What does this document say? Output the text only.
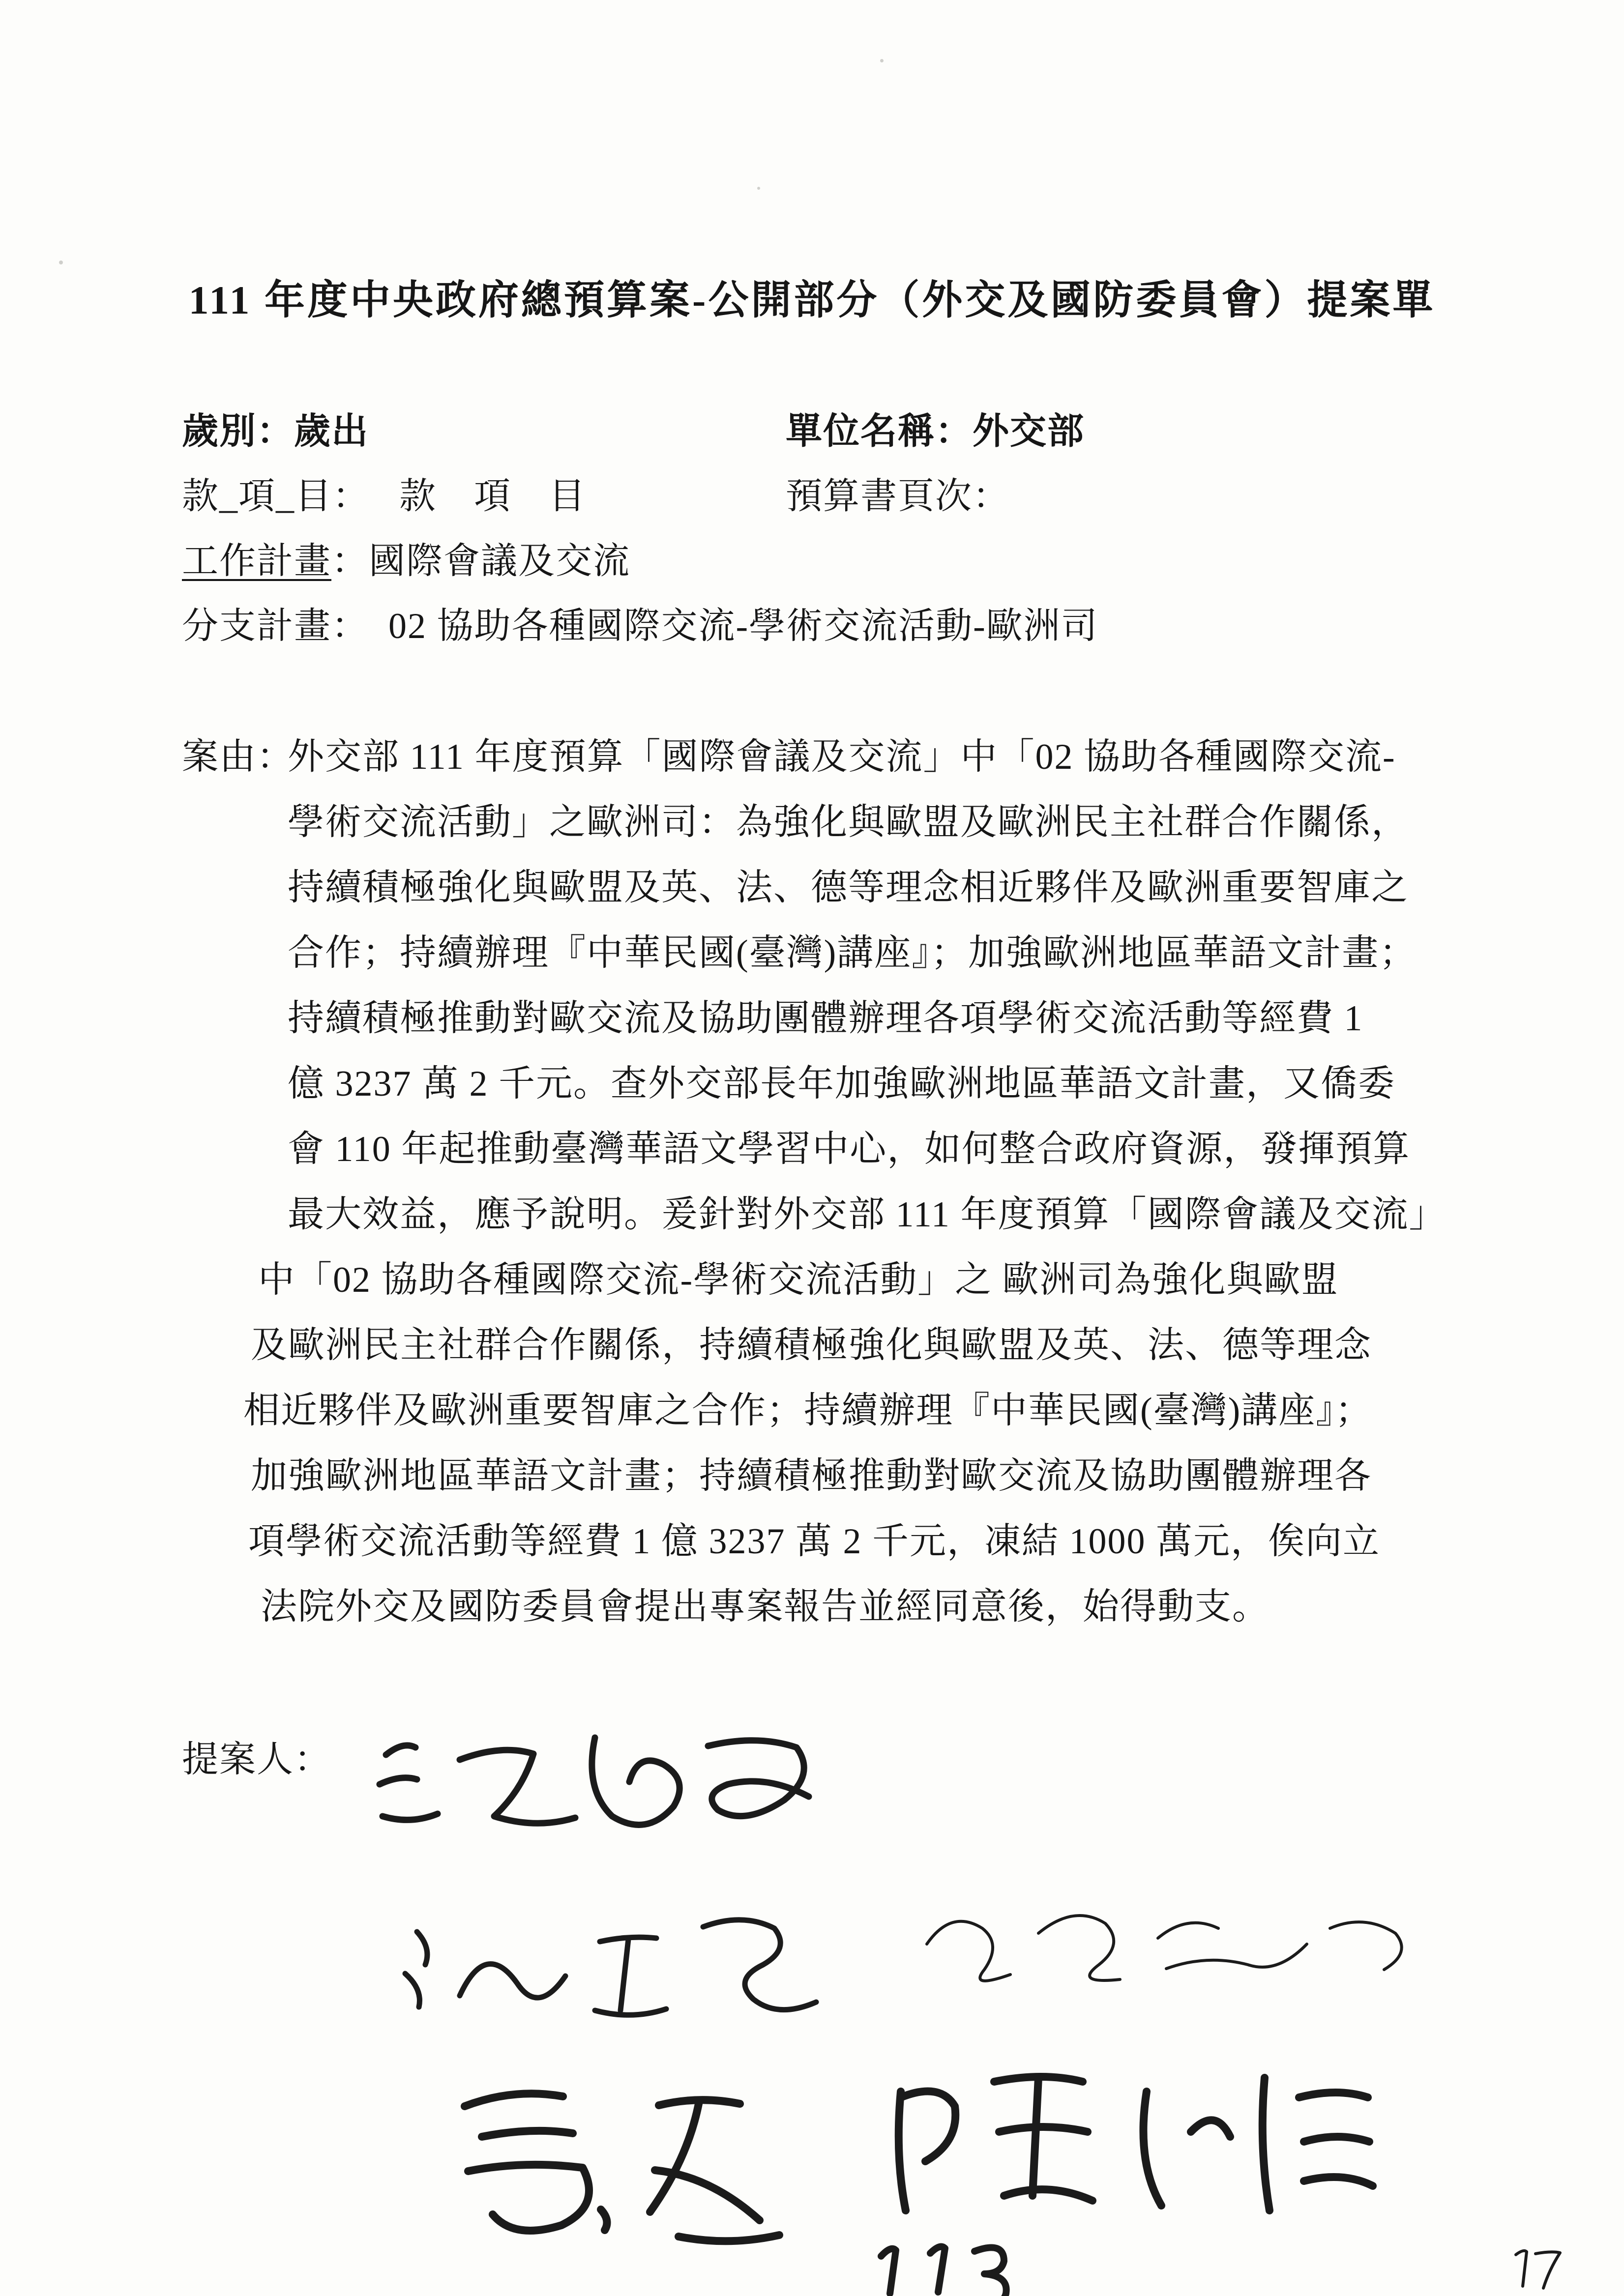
111 年度中央政府總預算案-公開部分（外交及國防委員會）提案單
歲別：歲出	單位名稱：外交部
款_項_目： 款　項　目	預算書頁次：
工作計畫：國際會議及交流
分支計畫： 02 協助各種國際交流-學術交流活動-歐洲司
案由：
外交部 111 年度預算「國際會議及交流」中「02 協助各種國際交流-
學術交流活動」之歐洲司：為強化與歐盟及歐洲民主社群合作關係，
持續積極強化與歐盟及英、法、德等理念相近夥伴及歐洲重要智庫之
合作；持續辦理『中華民國(臺灣)講座』；加強歐洲地區華語文計畫；
持續積極推動對歐交流及協助團體辦理各項學術交流活動等經費 1
億 3237 萬 2 千元。查外交部長年加強歐洲地區華語文計畫，又僑委
會 110 年起推動臺灣華語文學習中心，如何整合政府資源，發揮預算
最大效益，應予說明。爰針對外交部 111 年度預算「國際會議及交流」
中「02 協助各種國際交流-學術交流活動」之 歐洲司為強化與歐盟
及歐洲民主社群合作關係，持續積極強化與歐盟及英、法、德等理念
相近夥伴及歐洲重要智庫之合作；持續辦理『中華民國(臺灣)講座』；
加強歐洲地區華語文計畫；持續積極推動對歐交流及協助團體辦理各
項學術交流活動等經費 1 億 3237 萬 2 千元，凍結 1000 萬元，俟向立
法院外交及國防委員會提出專案報告並經同意後，始得動支。
提案人：
